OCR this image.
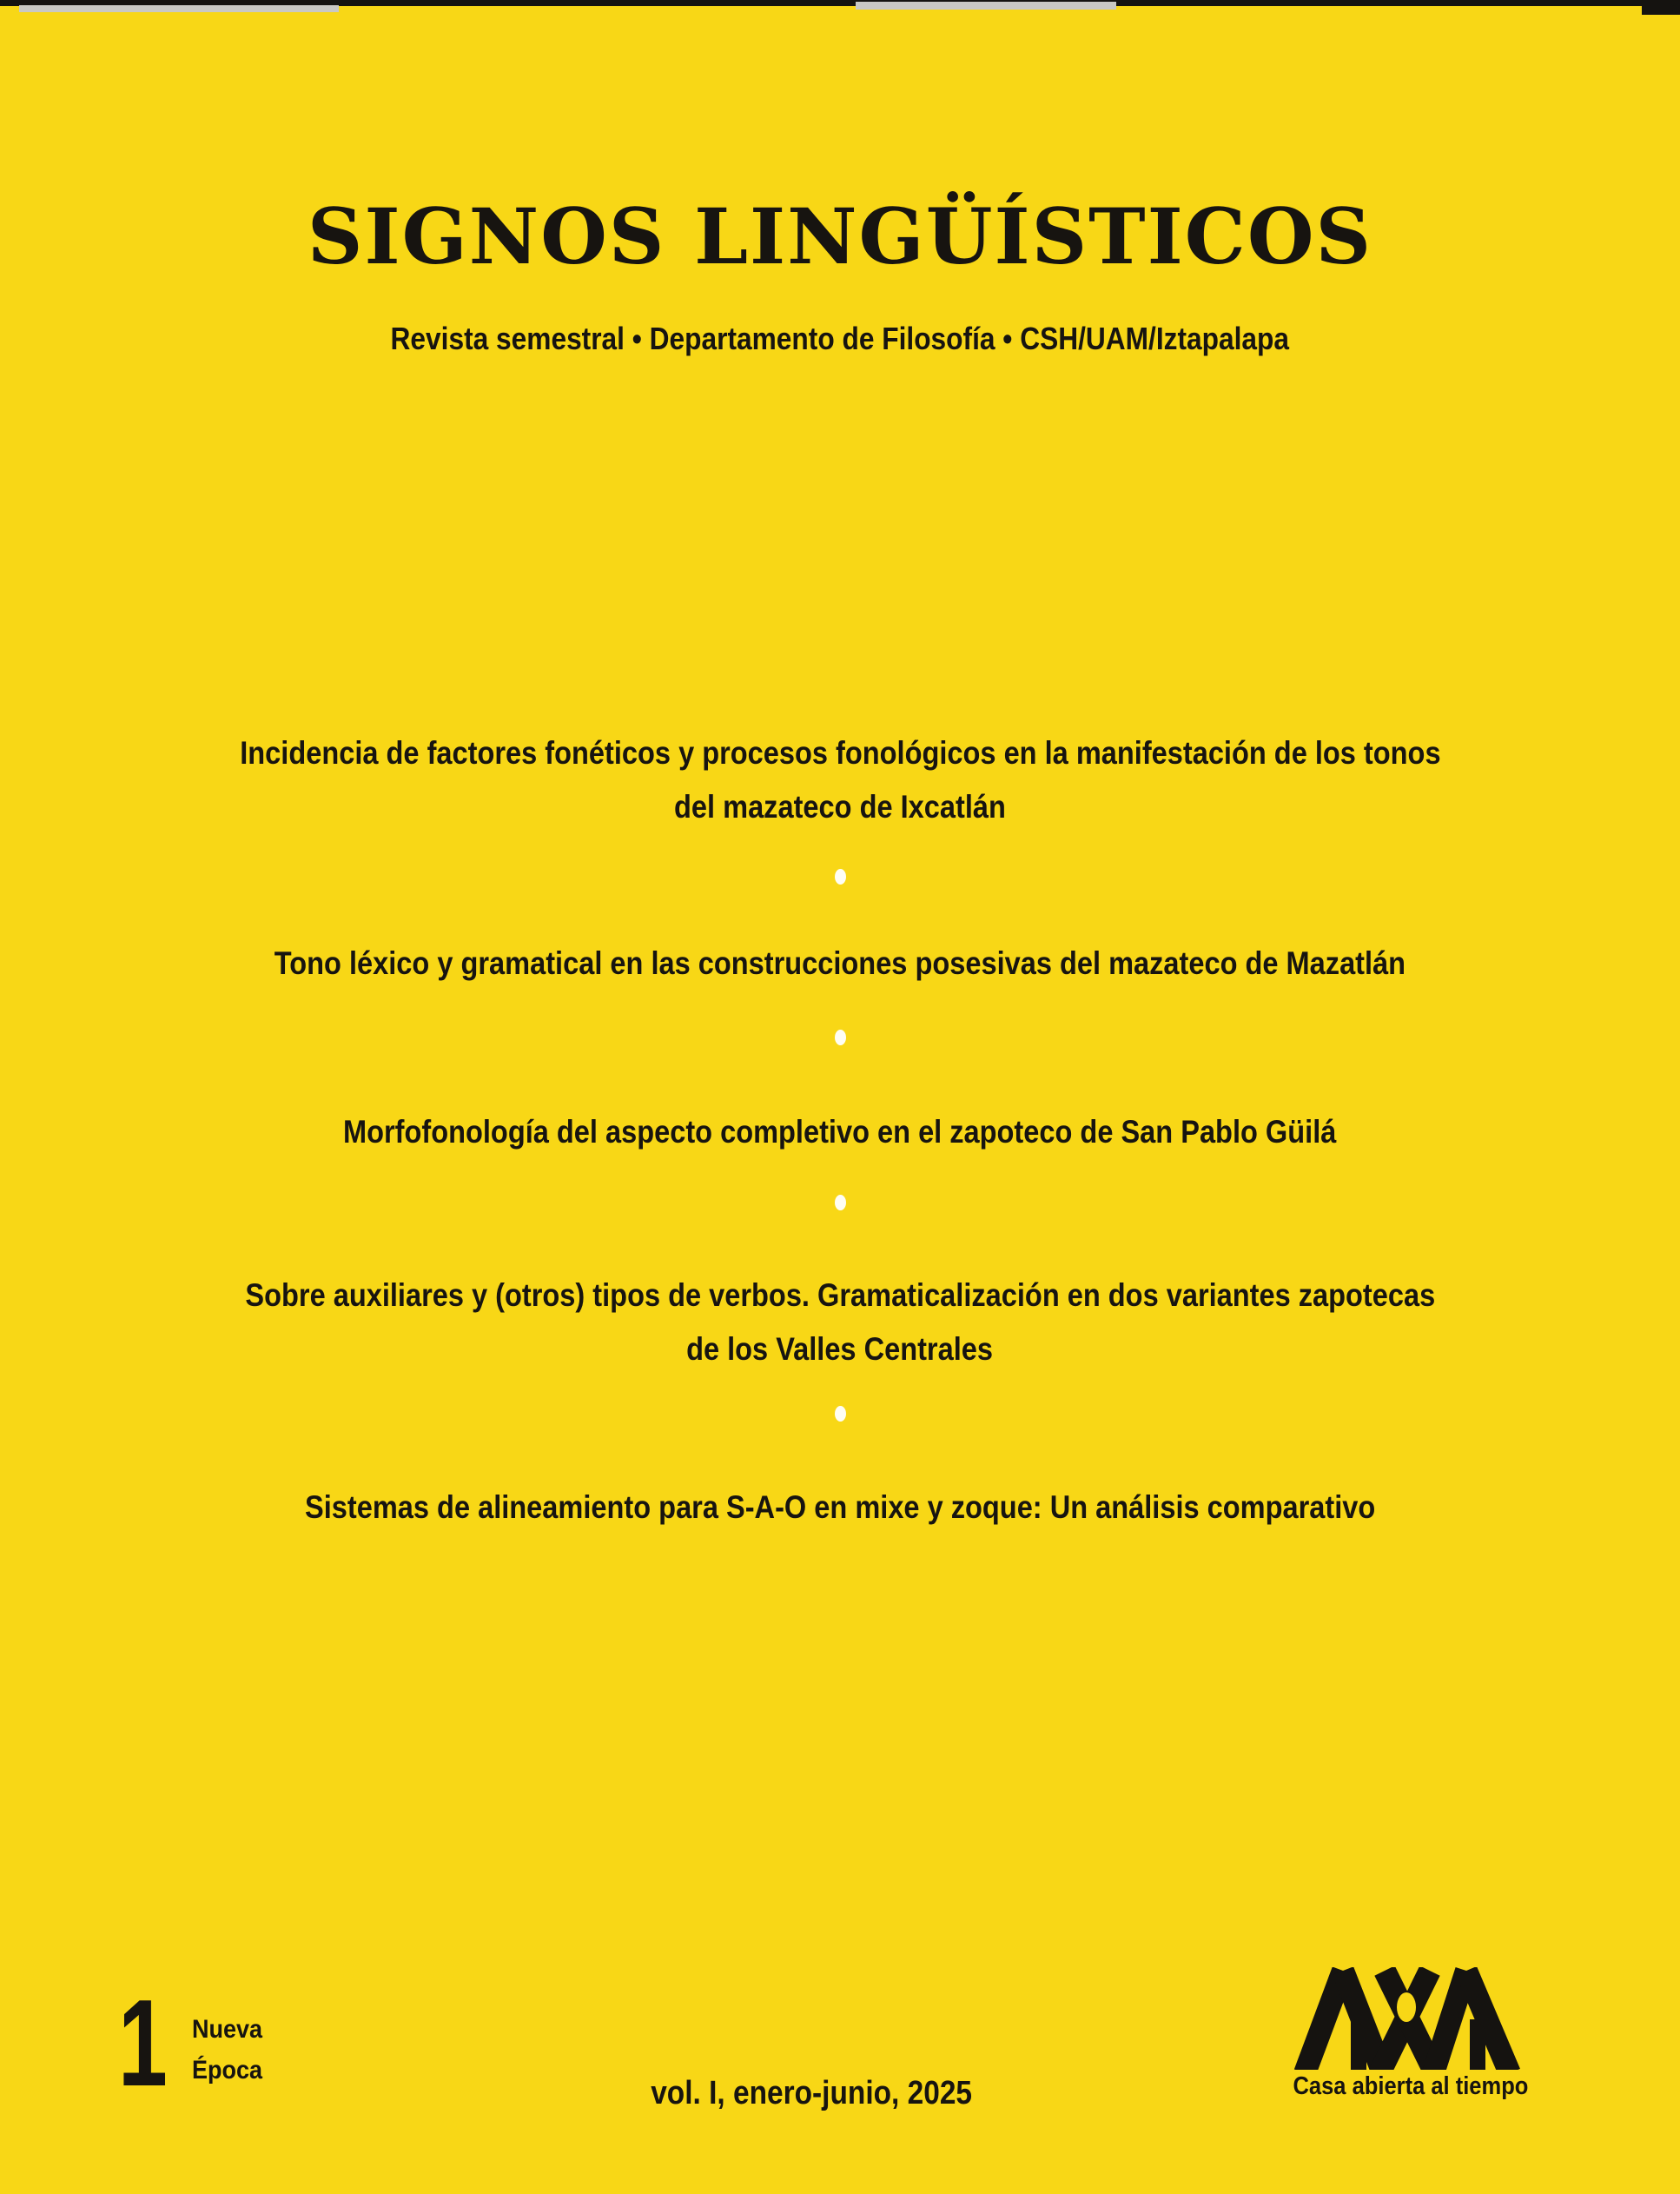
SIGNOS LINGÜÍSTICOS
Revista semestral • Departamento de Filosofía • CSH/UAM/Iztapalapa
Incidencia de factores fonéticos y procesos fonológicos en la manifestación de los tonos
del mazateco de Ixcatlán
Tono léxico y gramatical en las construcciones posesivas del mazateco de Mazatlán
Morfofonología del aspecto completivo en el zapoteco de San Pablo Güilá
Sobre auxiliares y (otros) tipos de verbos. Gramaticalización en dos variantes zapotecas
de los Valles Centrales
Sistemas de alineamiento para S-A-O en mixe y zoque: Un análisis comparativo
1 Nueva
Época
vol. I, enero-junio, 2025	Casa abierta al tiempo
